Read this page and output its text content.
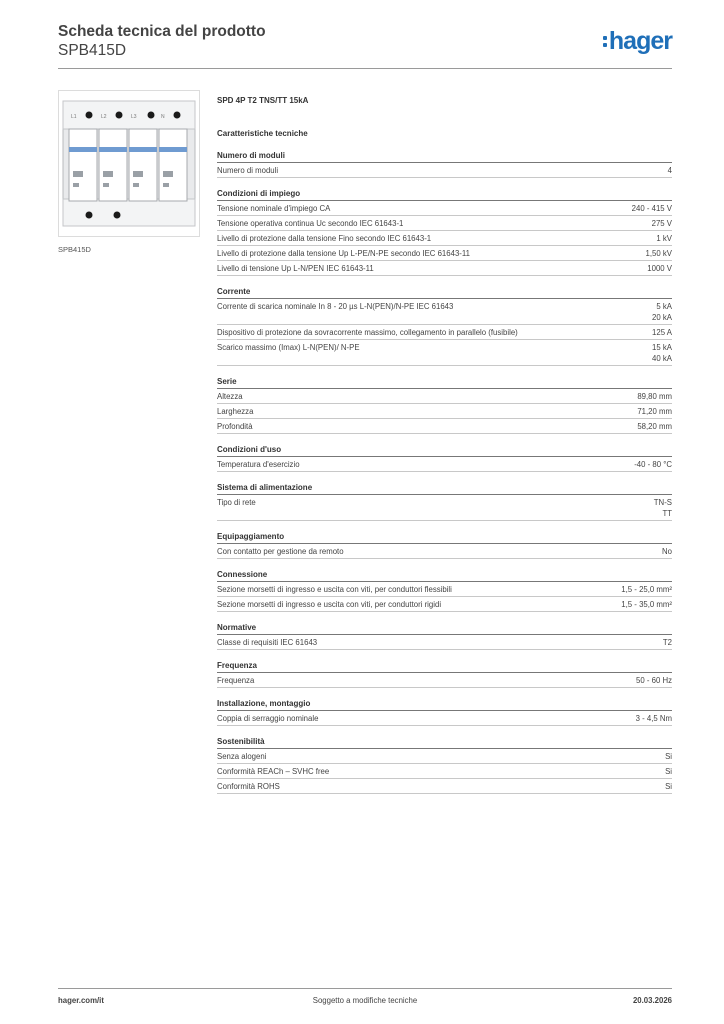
Scheda tecnica del prodotto
SPB415D	hager
L1	L2	L3	N
SPB415D
SPD 4P T2 TNS/TT 15kA
Caratteristiche tecniche
Numero di moduli
Numero di moduli	4
Condizioni di impiego
Tensione nominale d'impiego CA	240 - 415 V
Tensione operativa continua Uc secondo IEC 61643-1	275 V
Livello di protezione dalla tensione Fino secondo IEC 61643-1	1 kV
Livello di protezione dalla tensione Up L-PE/N-PE secondo IEC 61643-11	1,50 kV
Livello di tensione Up L-N/PEN IEC 61643-11	1000 V
Corrente
Corrente di scarica nominale In 8 - 20 µs L-N(PEN)/N-PE IEC 61643	5 kA
20 kA
Dispositivo di protezione da sovracorrente massimo, collegamento in parallelo (fusibile)	125 A
Scarico massimo (Imax) L-N(PEN)/ N-PE	15 kA
40 kA
Serie
Altezza	89,80 mm
Larghezza	71,20 mm
Profondità	58,20 mm
Condizioni d'uso
Temperatura d'esercizio	-40 - 80 °C
Sistema di alimentazione
Tipo di rete	TN-S
TT
Equipaggiamento
Con contatto per gestione da remoto	No
Connessione
Sezione morsetti di ingresso e uscita con viti, per conduttori flessibili	1,5 - 25,0 mm²
Sezione morsetti di ingresso e uscita con viti, per conduttori rigidi	1,5 - 35,0 mm²
Normative
Classe di requisiti IEC 61643	T2
Frequenza
Frequenza	50 - 60 Hz
Installazione, montaggio
Coppia di serraggio nominale	3 - 4,5 Nm
Sostenibilità
Senza alogeni	Si
Conformità REACh – SVHC free	Si
Conformità ROHS	Si
hager.com/it	Soggetto a modifiche tecniche	20.03.2026
